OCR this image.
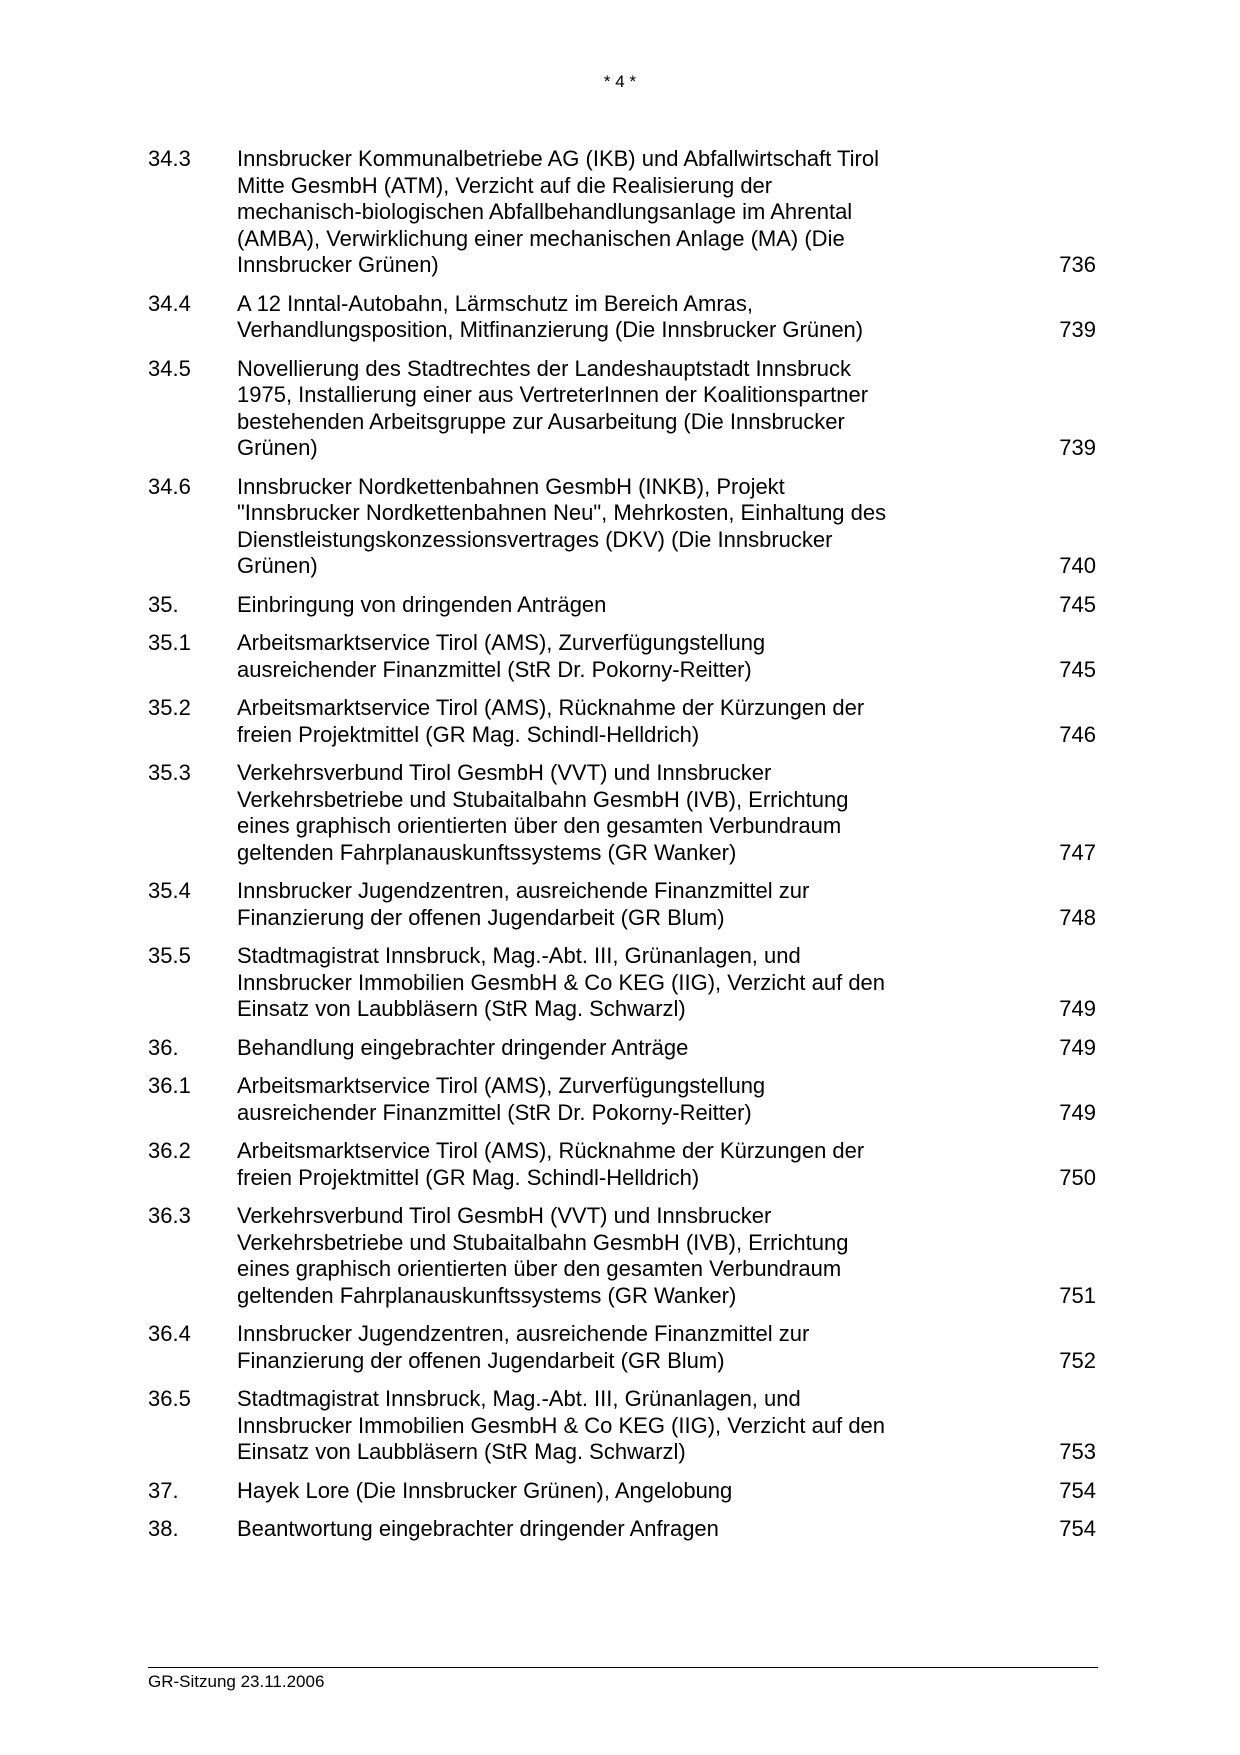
* 4 *
34.3	Innsbrucker Kommunalbetriebe AG (IKB) und Abfallwirtschaft Tirol
Mitte GesmbH (ATM), Verzicht auf die Realisierung der
mechanisch-biologischen Abfallbehandlungsanlage im Ahrental
(AMBA), Verwirklichung einer mechanischen Anlage (MA) (Die
Innsbrucker Grünen)	736
34.4	A 12 Inntal-Autobahn, Lärmschutz im Bereich Amras,
Verhandlungsposition, Mitfinanzierung (Die Innsbrucker Grünen)	739
34.5	Novellierung des Stadtrechtes der Landeshauptstadt Innsbruck
1975, Installierung einer aus VertreterInnen der Koalitionspartner
bestehenden Arbeitsgruppe zur Ausarbeitung (Die Innsbrucker
Grünen)	739
34.6	Innsbrucker Nordkettenbahnen GesmbH (INKB), Projekt
"Innsbrucker Nordkettenbahnen Neu", Mehrkosten, Einhaltung des
Dienstleistungskonzessionsvertrages (DKV) (Die Innsbrucker
Grünen)	740
35.	Einbringung von dringenden Anträgen	745
35.1	Arbeitsmarktservice Tirol (AMS), Zurverfügungstellung
ausreichender Finanzmittel (StR Dr. Pokorny-Reitter)	745
35.2	Arbeitsmarktservice Tirol (AMS), Rücknahme der Kürzungen der
freien Projektmittel (GR Mag. Schindl-Helldrich)	746
35.3	Verkehrsverbund Tirol GesmbH (VVT) und Innsbrucker
Verkehrsbetriebe und Stubaitalbahn GesmbH (IVB), Errichtung
eines graphisch orientierten über den gesamten Verbundraum
geltenden Fahrplanauskunftssystems (GR Wanker)	747
35.4	Innsbrucker Jugendzentren, ausreichende Finanzmittel zur
Finanzierung der offenen Jugendarbeit (GR Blum)	748
35.5	Stadtmagistrat Innsbruck, Mag.-Abt. III, Grünanlagen, und
Innsbrucker Immobilien GesmbH & Co KEG (IIG), Verzicht auf den
Einsatz von Laubbläsern (StR Mag. Schwarzl)	749
36.	Behandlung eingebrachter dringender Anträge	749
36.1	Arbeitsmarktservice Tirol (AMS), Zurverfügungstellung
ausreichender Finanzmittel (StR Dr. Pokorny-Reitter)	749
36.2	Arbeitsmarktservice Tirol (AMS), Rücknahme der Kürzungen der
freien Projektmittel (GR Mag. Schindl-Helldrich)	750
36.3	Verkehrsverbund Tirol GesmbH (VVT) und Innsbrucker
Verkehrsbetriebe und Stubaitalbahn GesmbH (IVB), Errichtung
eines graphisch orientierten über den gesamten Verbundraum
geltenden Fahrplanauskunftssystems (GR Wanker)	751
36.4	Innsbrucker Jugendzentren, ausreichende Finanzmittel zur
Finanzierung der offenen Jugendarbeit (GR Blum)	752
36.5	Stadtmagistrat Innsbruck, Mag.-Abt. III, Grünanlagen, und
Innsbrucker Immobilien GesmbH & Co KEG (IIG), Verzicht auf den
Einsatz von Laubbläsern (StR Mag. Schwarzl)	753
37.	Hayek Lore (Die Innsbrucker Grünen), Angelobung	754
38.	Beantwortung eingebrachter dringender Anfragen	754
GR-Sitzung 23.11.2006
